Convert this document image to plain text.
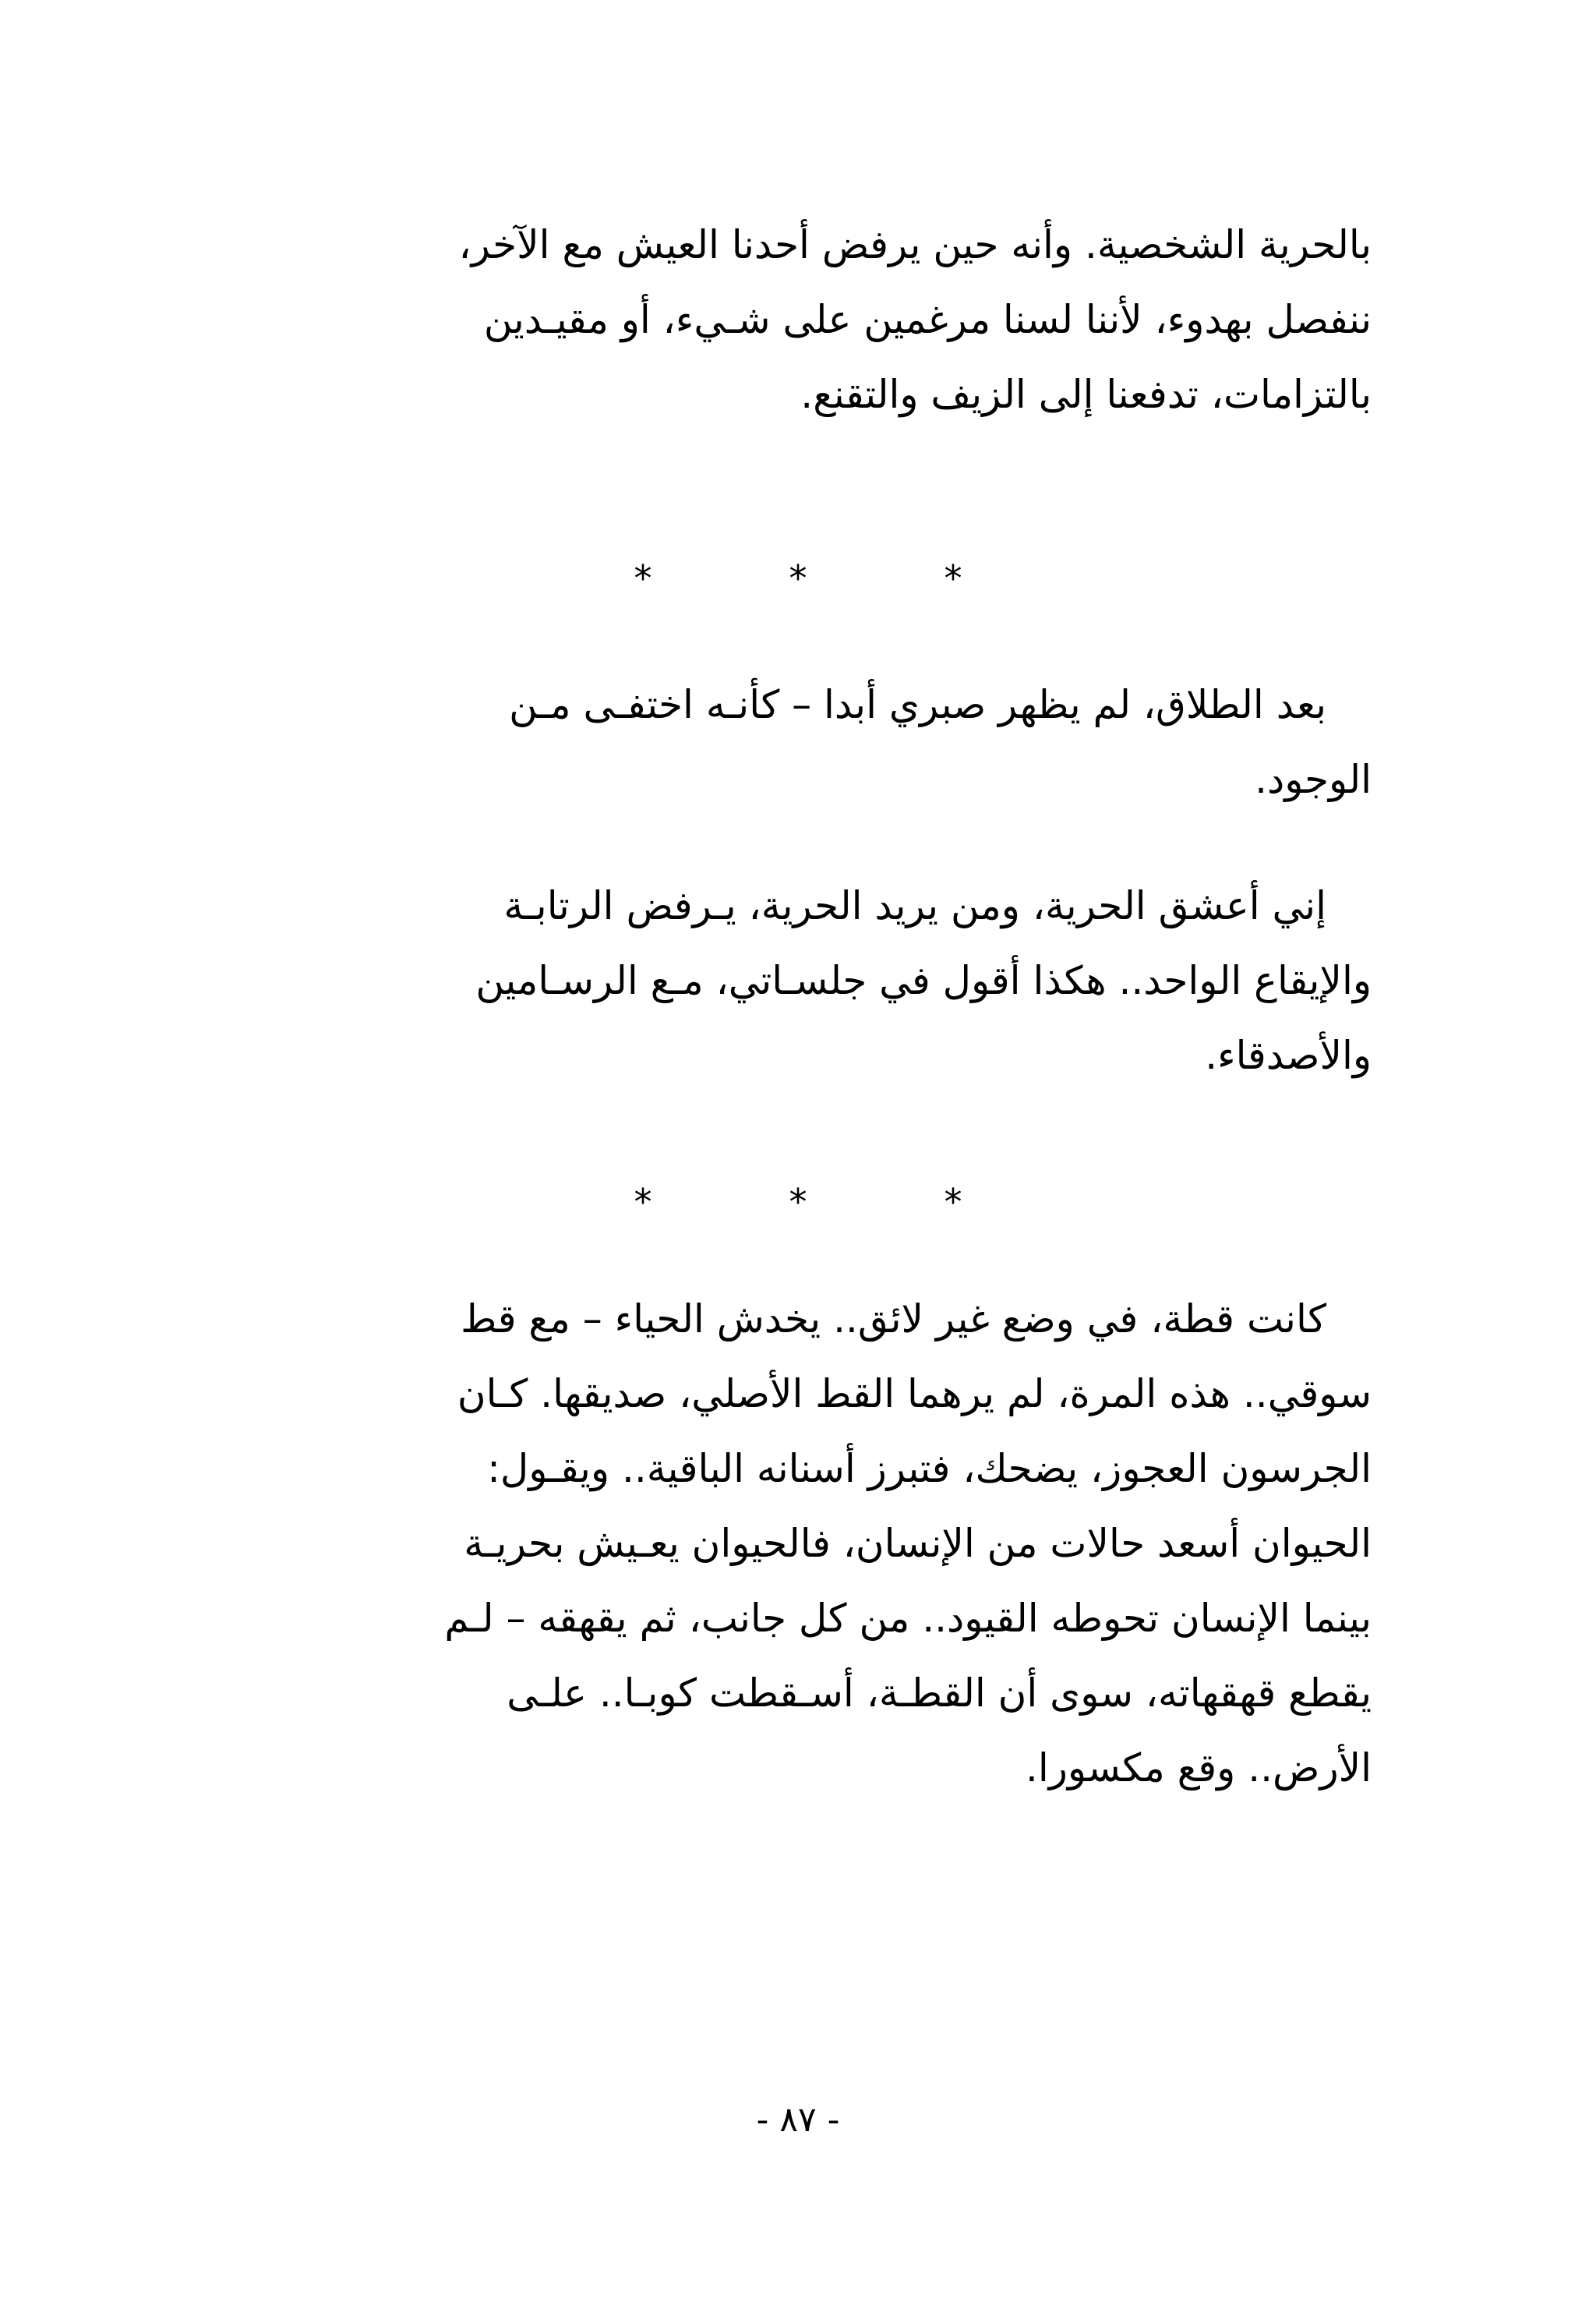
بالحرية الشخصية. وأنه حين يرفض أحدنا العيش مع الآخر،
ننفصل بهدوء، لأننا لسنا مرغمين على شـيء، أو مقيـدين
بالتزامات، تدفعنا إلى الزيف والتقنع.
*	*	*
بعد الطلاق، لم يظهر صبري أبدا – كأنـه اختفـى مـن
الوجود.
إني أعشق الحرية، ومن يريد الحرية، يـرفض الرتابـة
والإيقاع الواحد.. هكذا أقول في جلسـاتي، مـع الرسـامين
والأصدقاء.
*	*	*
كانت قطة، في وضع غير لائق.. يخدش الحياء – مع قط
سوقي.. هذه المرة، لم يرهما القط الأصلي، صديقها. كـان
الجرسون العجوز، يضحك، فتبرز أسنانه الباقية.. ويقـول:
الحيوان أسعد حالات من الإنسان، فالحيوان يعـيش بحريـة
بينما الإنسان تحوطه القيود.. من كل جانب، ثم يقهقه – لـم
يقطع قهقهاته، سوى أن القطـة، أسـقطت كوبـا.. علـى
الأرض.. وقع مكسورا.
- ٨٧ -
